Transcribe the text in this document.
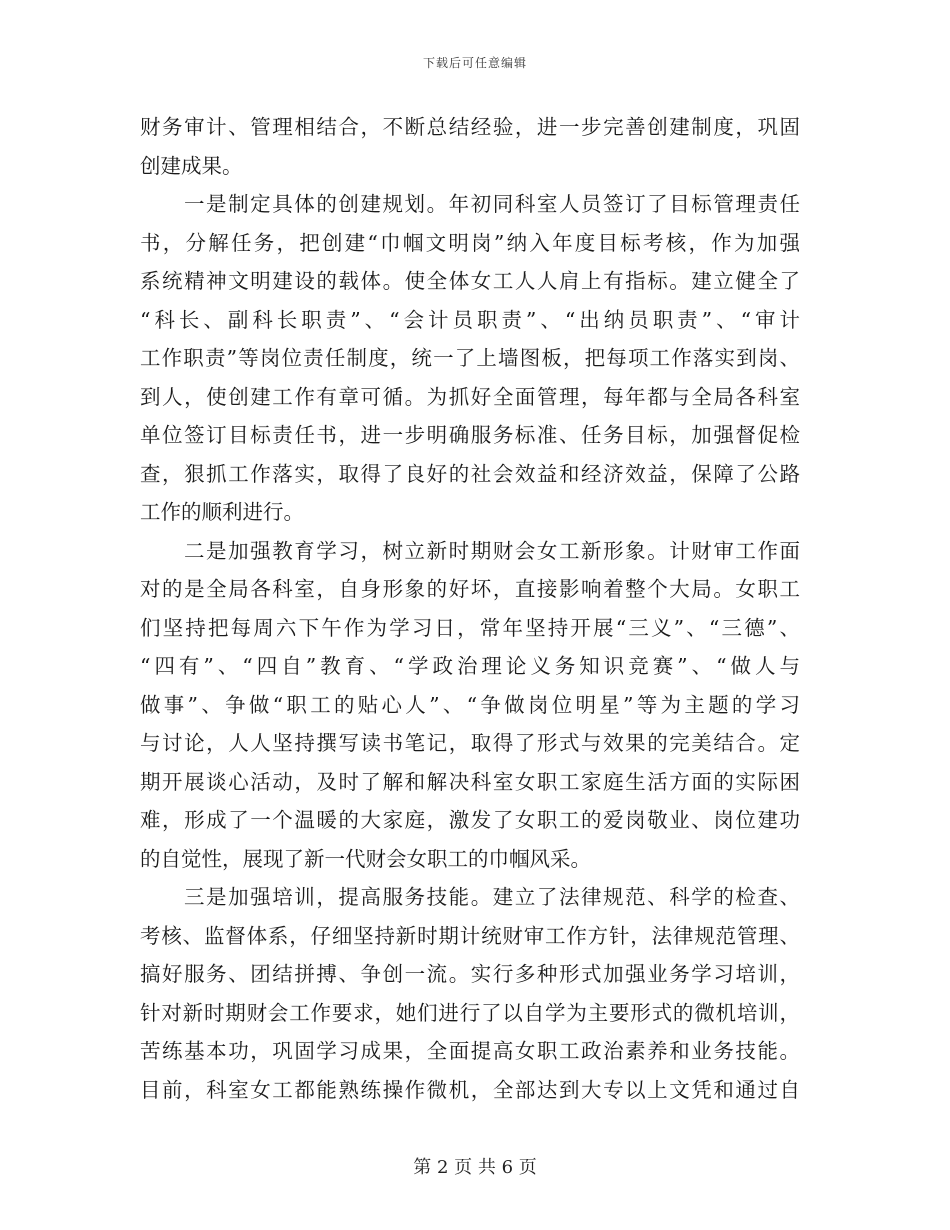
下载后可任意编辑
财务审计、管理相结合，不断总结经验，进一步完善创建制度，巩固
创建成果。
一是制定具体的创建规划。年初同科室人员签订了目标管理责任
书，分解任务，把创建“巾帼文明岗”纳入年度目标考核，作为加强
系统精神文明建设的载体。使全体女工人人肩上有指标。建立健全了
“科长、副科长职责”、“会计员职责”、“出纳员职责”、“审计
工作职责”等岗位责任制度，统一了上墙图板，把每项工作落实到岗、
到人，使创建工作有章可循。为抓好全面管理，每年都与全局各科室
单位签订目标责任书，进一步明确服务标准、任务目标，加强督促检
查，狠抓工作落实，取得了良好的社会效益和经济效益，保障了公路
工作的顺利进行。
二是加强教育学习，树立新时期财会女工新形象。计财审工作面
对的是全局各科室，自身形象的好坏，直接影响着整个大局。女职工
们坚持把每周六下午作为学习日，常年坚持开展“三义”、“三德”、
“四有”、“四自”教育、“学政治理论义务知识竞赛”、“做人与
做事”、争做“职工的贴心人”、“争做岗位明星”等为主题的学习
与讨论，人人坚持撰写读书笔记，取得了形式与效果的完美结合。定
期开展谈心活动，及时了解和解决科室女职工家庭生活方面的实际困
难，形成了一个温暖的大家庭，激发了女职工的爱岗敬业、岗位建功
的自觉性，展现了新一代财会女职工的巾帼风采。
三是加强培训，提高服务技能。建立了法律规范、科学的检查、
考核、监督体系，仔细坚持新时期计统财审工作方针，法律规范管理、
搞好服务、团结拼搏、争创一流。实行多种形式加强业务学习培训，
针对新时期财会工作要求，她们进行了以自学为主要形式的微机培训，
苦练基本功，巩固学习成果，全面提高女职工政治素养和业务技能。
目前，科室女工都能熟练操作微机，全部达到大专以上文凭和通过自
第 2 页 共 6 页
